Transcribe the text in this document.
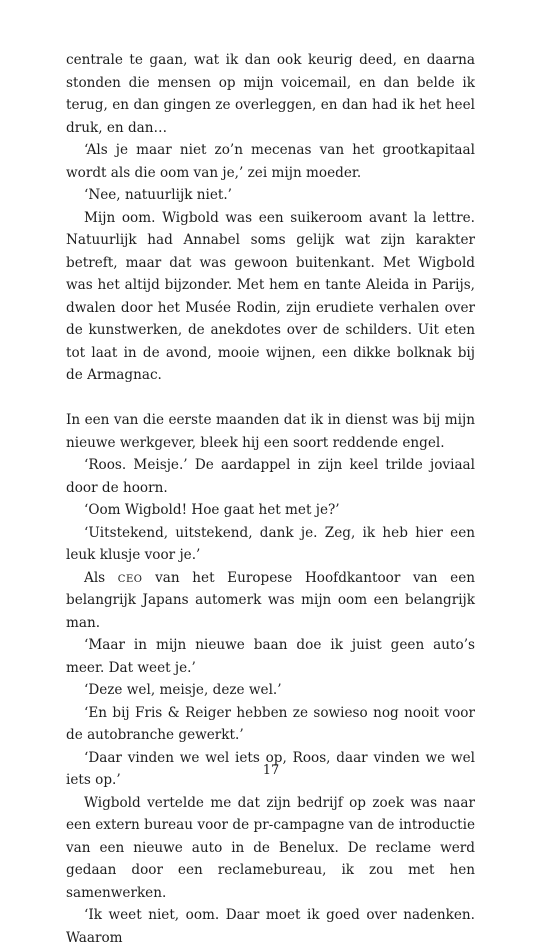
centrale te gaan, wat ik dan ook keurig deed, en daarna stonden die mensen op mijn voicemail, en dan belde ik terug, en dan gingen ze overleggen, en dan had ik het heel druk, en dan…

‘Als je maar niet zo’n mecenas van het grootkapitaal wordt als die oom van je,’ zei mijn moeder.

‘Nee, natuurlijk niet.’

Mijn oom. Wigbold was een suikeroom avant la lettre. Natuurlijk had Annabel soms gelijk wat zijn karakter betreft, maar dat was gewoon buitenkant. Met Wigbold was het altijd bijzonder. Met hem en tante Aleida in Parijs, dwalen door het Musée Rodin, zijn erudiete verhalen over de kunstwerken, de anekdotes over de schilders. Uit eten tot laat in de avond, mooie wijnen, een dikke bolknak bij de Armagnac.

In een van die eerste maanden dat ik in dienst was bij mijn nieuwe werkgever, bleek hij een soort reddende engel.

‘Roos. Meisje.’ De aardappel in zijn keel trilde joviaal door de hoorn.

‘Oom Wigbold! Hoe gaat het met je?’

‘Uitstekend, uitstekend, dank je. Zeg, ik heb hier een leuk klusje voor je.’

Als ceo van het Europese Hoofdkantoor van een belangrijk Japans automerk was mijn oom een belangrijk man.

‘Maar in mijn nieuwe baan doe ik juist geen auto’s meer. Dat weet je.’

‘Deze wel, meisje, deze wel.’

‘En bij Fris & Reiger hebben ze sowieso nog nooit voor de autobranche gewerkt.’

‘Daar vinden we wel iets op, Roos, daar vinden we wel iets op.’

Wigbold vertelde me dat zijn bedrijf op zoek was naar een extern bureau voor de pr-campagne van de introductie van een nieuwe auto in de Benelux. De reclame werd gedaan door een reclamebureau, ik zou met hen samenwerken.

‘Ik weet niet, oom. Daar moet ik goed over nadenken. Waarom

17
